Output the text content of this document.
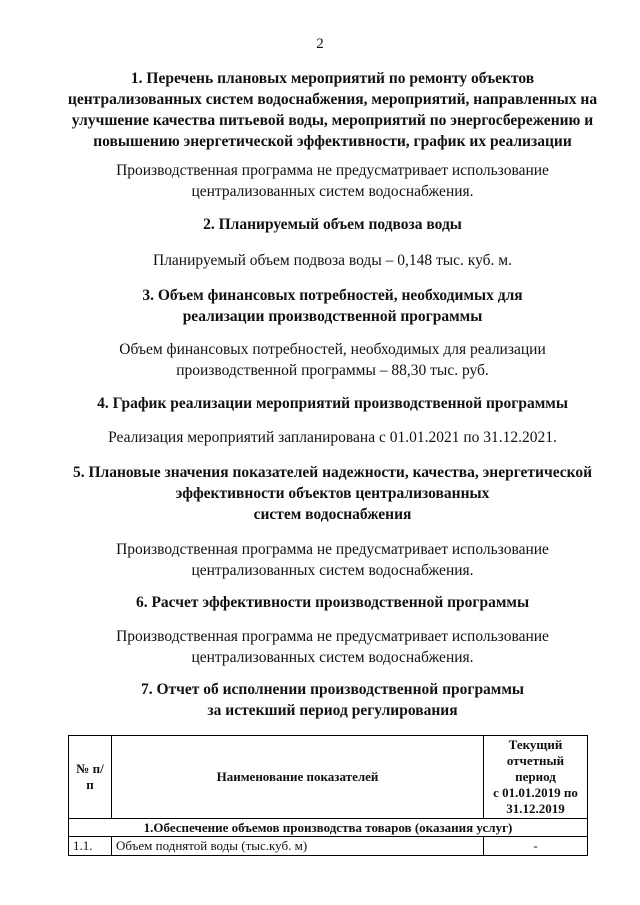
2
1. Перечень плановых мероприятий по ремонту объектов
централизованных систем водоснабжения, мероприятий, направленных на
улучшение качества питьевой воды, мероприятий по энергосбережению и
повышению энергетической эффективности, график их реализации
Производственная программа не предусматривает использование
централизованных систем водоснабжения.
2. Планируемый объем подвоза воды
Планируемый объем подвоза воды – 0,148 тыс. куб. м.
3. Объем финансовых потребностей, необходимых для
реализации производственной программы
Объем финансовых потребностей, необходимых для реализации
производственной программы – 88,30 тыс. руб.
4. График реализации мероприятий производственной программы
Реализация мероприятий запланирована с 01.01.2021 по 31.12.2021.
5. Плановые значения показателей надежности, качества, энергетической
эффективности объектов централизованных
систем водоснабжения
Производственная программа не предусматривает использование
централизованных систем водоснабжения.
6. Расчет эффективности производственной программы
Производственная программа не предусматривает использование
централизованных систем водоснабжения.
7. Отчет об исполнении производственной программы
за истекший период регулирования
№ п/п	Наименование показателей	Текущий
отчетный период
с 01.01.2019 по
31.12.2019

1.Обеспечение объемов производства товаров (оказания услуг)		
1.1.	Объем поднятой воды (тыс.куб. м)	-
